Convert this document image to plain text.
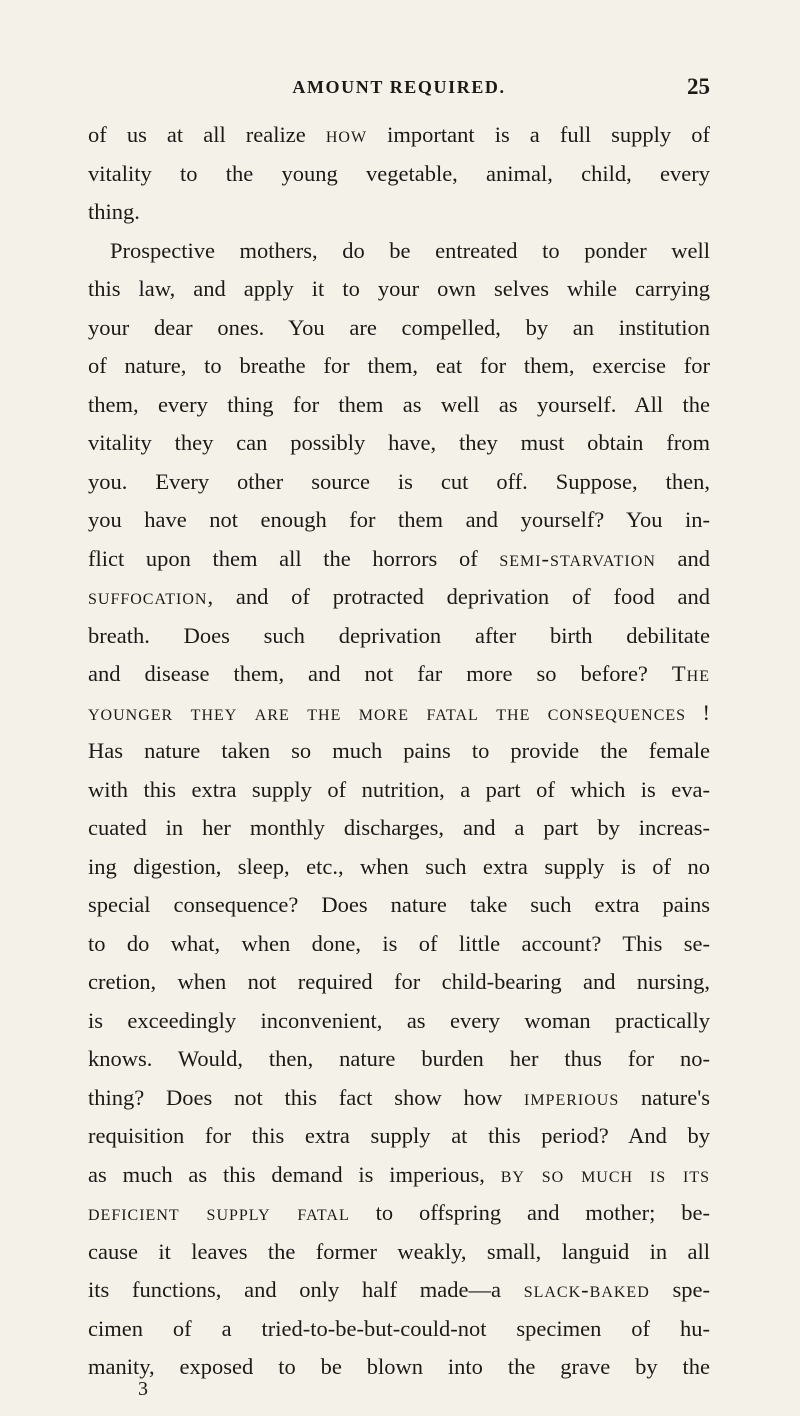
AMOUNT REQUIRED.	25
of us at all realize how important is a full supply of
vitality to the young vegetable, animal, child, every
thing.
Prospective mothers, do be entreated to ponder well
this law, and apply it to your own selves while carrying
your dear ones. You are compelled, by an institution
of nature, to breathe for them, eat for them, exercise for
them, every thing for them as well as yourself. All the
vitality they can possibly have, they must obtain from
you. Every other source is cut off. Suppose, then,
you have not enough for them and yourself? You in-
flict upon them all the horrors of semi-starvation and
suffocation, and of protracted deprivation of food and
breath. Does such deprivation after birth debilitate
and disease them, and not far more so before? The
younger they are the more fatal the consequences !
Has nature taken so much pains to provide the female
with this extra supply of nutrition, a part of which is eva-
cuated in her monthly discharges, and a part by increas-
ing digestion, sleep, etc., when such extra supply is of no
special consequence? Does nature take such extra pains
to do what, when done, is of little account? This se-
cretion, when not required for child-bearing and nursing,
is exceedingly inconvenient, as every woman practically
knows. Would, then, nature burden her thus for no-
thing? Does not this fact show how imperious nature's
requisition for this extra supply at this period? And by
as much as this demand is imperious, by so much is its
deficient supply fatal to offspring and mother; be-
cause it leaves the former weakly, small, languid in all
its functions, and only half made—a slack-baked spe-
cimen of a tried-to-be-but-could-not specimen of hu-
manity, exposed to be blown into the grave by the
3
